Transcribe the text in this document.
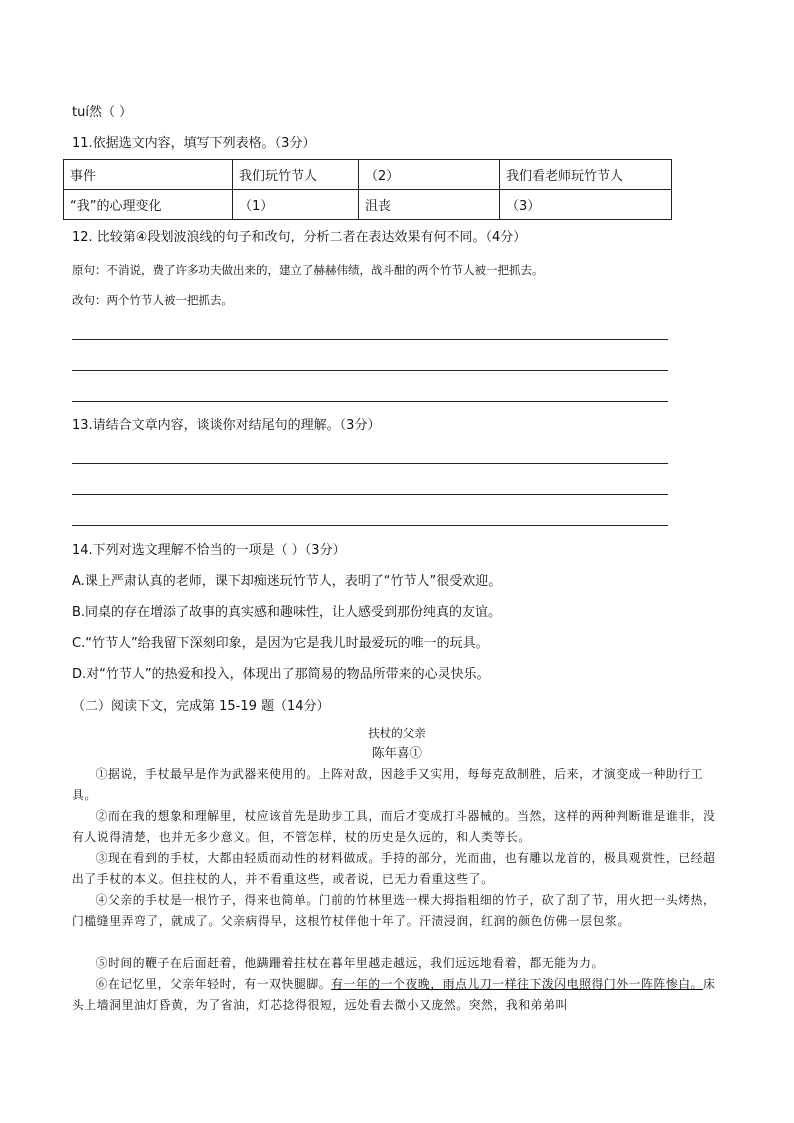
tuí然（ ）
11.依据选文内容，填写下列表格。（3分）
事件	我们玩竹节人	（2）	我们看老师玩竹节人
“我”的心理变化	（1）	沮丧	（3）
12. 比较第④段划波浪线的句子和改句，分析二者在表达效果有何不同。（4分）
原句：不消说，费了许多功夫做出来的，建立了赫赫伟绩，战斗酣的两个竹节人被一把抓去。
改句：两个竹节人被一把抓去。
13.请结合文章内容，谈谈你对结尾句的理解。（3分）
14.下列对选文理解不恰当的一项是（ ）（3分）
A.课上严肃认真的老师，课下却痴迷玩竹节人，表明了“竹节人”很受欢迎。
B.同桌的存在增添了故事的真实感和趣味性，让人感受到那份纯真的友谊。
C.“竹节人”给我留下深刻印象，是因为它是我儿时最爱玩的唯一的玩具。
D.对“竹节人”的热爱和投入，体现出了那简易的物品所带来的心灵快乐。
（二）阅读下文，完成第 15-19 题（14分）
扶杖的父亲
陈年喜①
①据说，手杖最早是作为武器来使用的。上阵对敌，因趁手又实用，每每克敌制胜，后来，才演变成一种助行工具。
②而在我的想象和理解里，杖应该首先是助步工具，而后才变成打斗器械的。当然，这样的两种判断谁是谁非，没有人说得清楚，也并无多少意义。但，不管怎样，杖的历史是久远的，和人类等长。
③现在看到的手杖，大都由轻质而动性的材料做成。手持的部分，光而曲，也有雕以龙首的，极具观赏性，已经超出了手杖的本义。但拄杖的人，并不看重这些，或者说，已无力看重这些了。
④父亲的手杖是一根竹子，得来也简单。门前的竹林里选一棵大拇指粗细的竹子，砍了刮了节，用火把一头烤热，门槛缝里弄弯了，就成了。父亲病得早，这根竹杖伴他十年了。汗渍浸润，红润的颜色仿佛一层包浆。
⑤时间的鞭子在后面赶着，他蹒跚着拄杖在暮年里越走越远，我们远远地看着，都无能为力。
⑥在记忆里，父亲年轻时，有一双快腿脚。有一年的一个夜晚，雨点儿刀一样往下泼闪电照得门外一阵阵惨白。床头上墙洞里油灯昏黄，为了省油，灯芯捻得很短，远处看去微小又庞然。突然，我和弟弟叫
